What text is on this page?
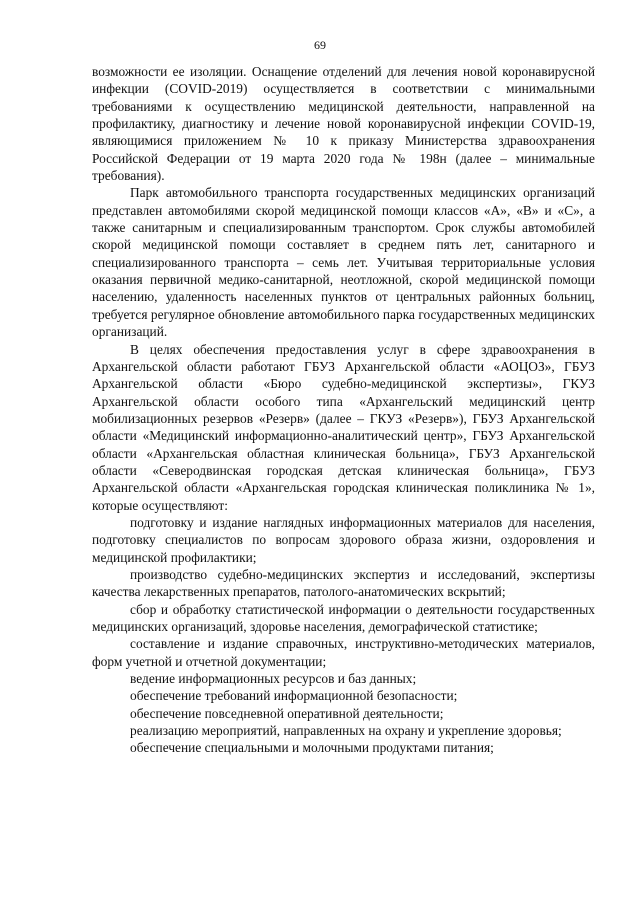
69

возможности ее изоляции. Оснащение отделений для лечения новой коронавирусной инфекции (COVID-2019) осуществляется в соответствии с минимальными требованиями к осуществлению медицинской деятельности, направленной на профилактику, диагностику и лечение новой коронавирусной инфекции COVID-19, являющимися приложением № 10 к приказу Министерства здравоохранения Российской Федерации от 19 марта 2020 года № 198н (далее – минимальные требования).

Парк автомобильного транспорта государственных медицинских организаций представлен автомобилями скорой медицинской помощи классов «А», «В» и «С», а также санитарным и специализированным транспортом. Срок службы автомобилей скорой медицинской помощи составляет в среднем пять лет, санитарного и специализированного транспорта – семь лет. Учитывая территориальные условия оказания первичной медико-санитарной, неотложной, скорой медицинской помощи населению, удаленность населенных пунктов от центральных районных больниц, требуется регулярное обновление автомобильного парка государственных медицинских организаций.

В целях обеспечения предоставления услуг в сфере здравоохранения в Архангельской области работают ГБУЗ Архангельской области «АОЦОЗ», ГБУЗ Архангельской области «Бюро судебно-медицинской экспертизы», ГКУЗ Архангельской области особого типа «Архангельский медицинский центр мобилизационных резервов «Резерв» (далее – ГКУЗ «Резерв»), ГБУЗ Архангельской области «Медицинский информационно-аналитический центр», ГБУЗ Архангельской области «Архангельская областная клиническая больница», ГБУЗ Архангельской области «Северодвинская городская детская клиническая больница», ГБУЗ Архангельской области «Архангельская городская клиническая поликлиника № 1», которые осуществляют:

подготовку и издание наглядных информационных материалов для населения, подготовку специалистов по вопросам здорового образа жизни, оздоровления и медицинской профилактики;

производство судебно-медицинских экспертиз и исследований, экспертизы качества лекарственных препаратов, патолого-анатомических вскрытий;

сбор и обработку статистической информации о деятельности государственных медицинских организаций, здоровье населения, демографической статистике;

составление и издание справочных, инструктивно-методических материалов, форм учетной и отчетной документации;

ведение информационных ресурсов и баз данных;

обеспечение требований информационной безопасности;

обеспечение повседневной оперативной деятельности;

реализацию мероприятий, направленных на охрану и укрепление здоровья;

обеспечение специальными и молочными продуктами питания;
